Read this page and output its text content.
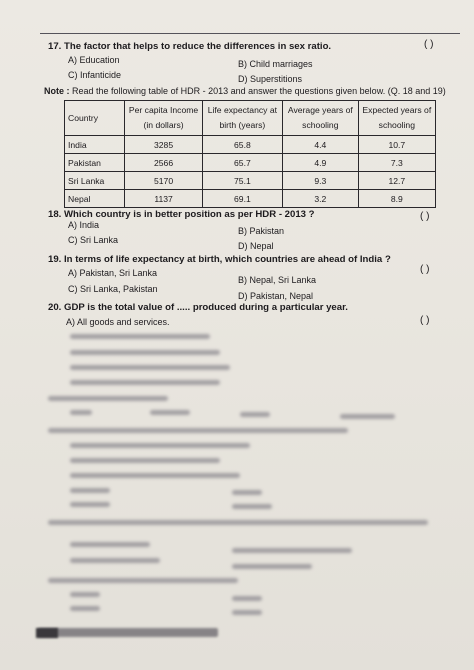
17. The factor that helps to reduce the differences in sex ratio.	( )
A) Education	B) Child marriages
C) Infanticide	D) Superstitions
Note : Read the following table of HDR - 2013 and answer the questions given below. (Q. 18 and 19)
Country	Per capita Income (in dollars)	Life expectancy at birth (years)	Average years of schooling	Expected years of schooling
India	3285	65.8	4.4	10.7
Pakistan	2566	65.7	4.9	7.3
Sri Lanka	5170	75.1	9.3	12.7
Nepal	1137	69.1	3.2	8.9
18. Which country is in better position as per HDR - 2013 ?	( )
A) India
B) Pakistan
C) Sri Lanka
D) Nepal
19. In terms of life expectancy at birth, which countries are ahead of India ?
( )
A) Pakistan, Sri Lanka
B) Nepal, Sri Lanka
C) Sri Lanka, Pakistan
D) Pakistan, Nepal
20. GDP is the total value of ..... produced during a particular year.
( )
A) All goods and services.
